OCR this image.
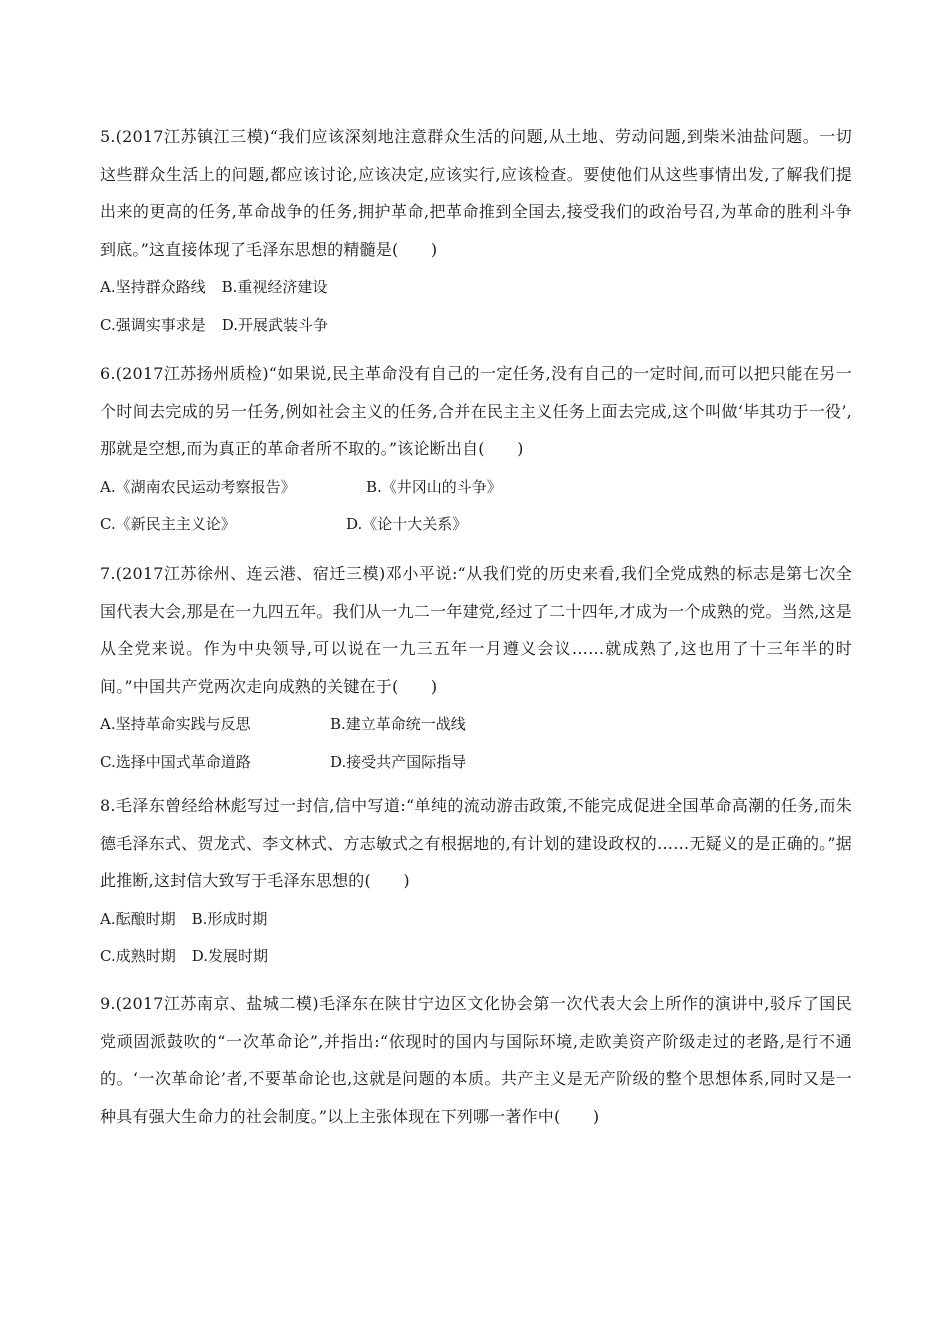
5.(2017江苏镇江三模)“我们应该深刻地注意群众生活的问题,从土地、劳动问题,到柴米油盐问题。一切这些群众生活上的问题,都应该讨论,应该决定,应该实行,应该检查。要使他们从这些事情出发,了解我们提出来的更高的任务,革命战争的任务,拥护革命,把革命推到全国去,接受我们的政治号召,为革命的胜利斗争到底。”这直接体现了毛泽东思想的精髓是(　　)

A.坚持群众路线 B.重视经济建设
C.强调实事求是 D.开展武装斗争

6.(2017江苏扬州质检)“如果说,民主革命没有自己的一定任务,没有自己的一定时间,而可以把只能在另一个时间去完成的另一任务,例如社会主义的任务,合并在民主主义任务上面去完成,这个叫做‘毕其功于一役’,那就是空想,而为真正的革命者所不取的。”该论断出自(　　)

A.《湖南农民运动考察报告》	B.《井冈山的斗争》
C.《新民主主义论》	D.《论十大关系》

7.(2017江苏徐州、连云港、宿迁三模)邓小平说:“从我们党的历史来看,我们全党成熟的标志是第七次全国代表大会,那是在一九四五年。我们从一九二一年建党,经过了二十四年,才成为一个成熟的党。当然,这是从全党来说。作为中央领导,可以说在一九三五年一月遵义会议……就成熟了,这也用了十三年半的时间。”中国共产党两次走向成熟的关键在于(　　)

A.坚持革命实践与反思	B.建立革命统一战线
C.选择中国式革命道路	D.接受共产国际指导

8.毛泽东曾经给林彪写过一封信,信中写道:“单纯的流动游击政策,不能完成促进全国革命高潮的任务,而朱德毛泽东式、贺龙式、李文林式、方志敏式之有根据地的,有计划的建设政权的……无疑义的是正确的。”据此推断,这封信大致写于毛泽东思想的(　　)

A.酝酿时期 B.形成时期
C.成熟时期 D.发展时期

9.(2017江苏南京、盐城二模)毛泽东在陕甘宁边区文化协会第一次代表大会上所作的演讲中,驳斥了国民党顽固派鼓吹的“一次革命论”,并指出:“依现时的国内与国际环境,走欧美资产阶级走过的老路,是行不通的。‘一次革命论’者,不要革命论也,这就是问题的本质。共产主义是无产阶级的整个思想体系,同时又是一种具有强大生命力的社会制度。”以上主张体现在下列哪一著作中(　　)
